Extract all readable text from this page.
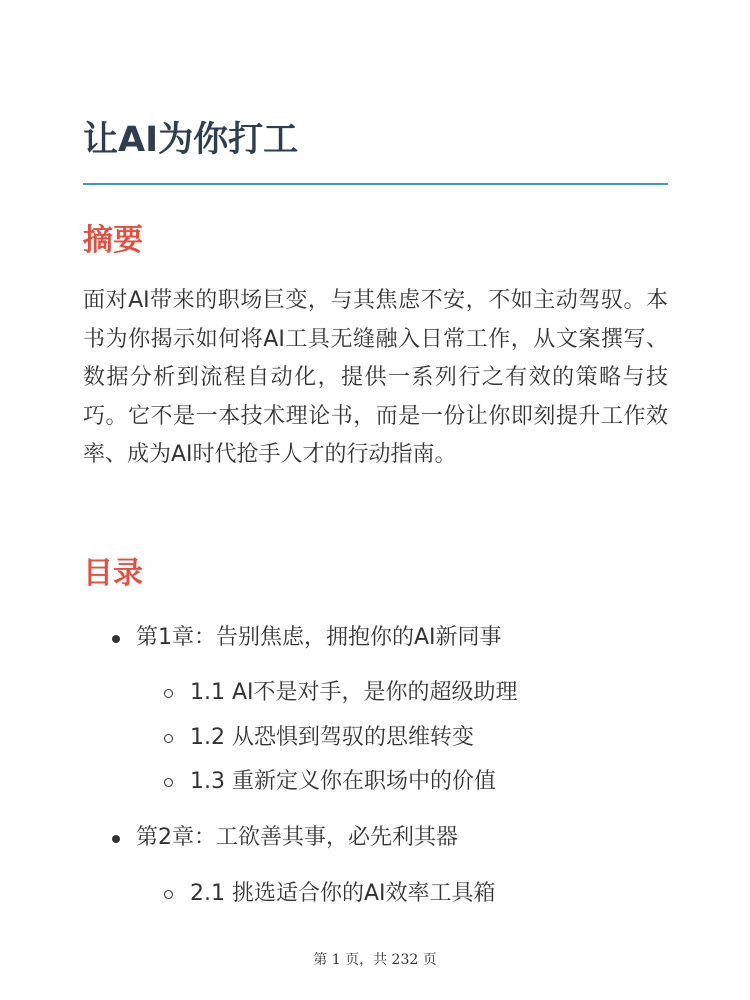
让AI为你打工
摘要

面对AI带来的职场巨变，与其焦虑不安，不如主动驾驭。本书为你揭示如何将AI工具无缝融入日常工作，从文案撰写、数据分析到流程自动化，提供一系列行之有效的策略与技巧。它不是一本技术理论书，而是一份让你即刻提升工作效率、成为AI时代抢手人才的行动指南。

目录
第1章：告别焦虑，拥抱你的AI新同事
1.1 AI不是对手，是你的超级助理
1.2 从恐惧到驾驭的思维转变
1.3 重新定义你在职场中的价值
第2章：工欲善其事，必先利其器
2.1 挑选适合你的AI效率工具箱
第 1 页，共 232 页
